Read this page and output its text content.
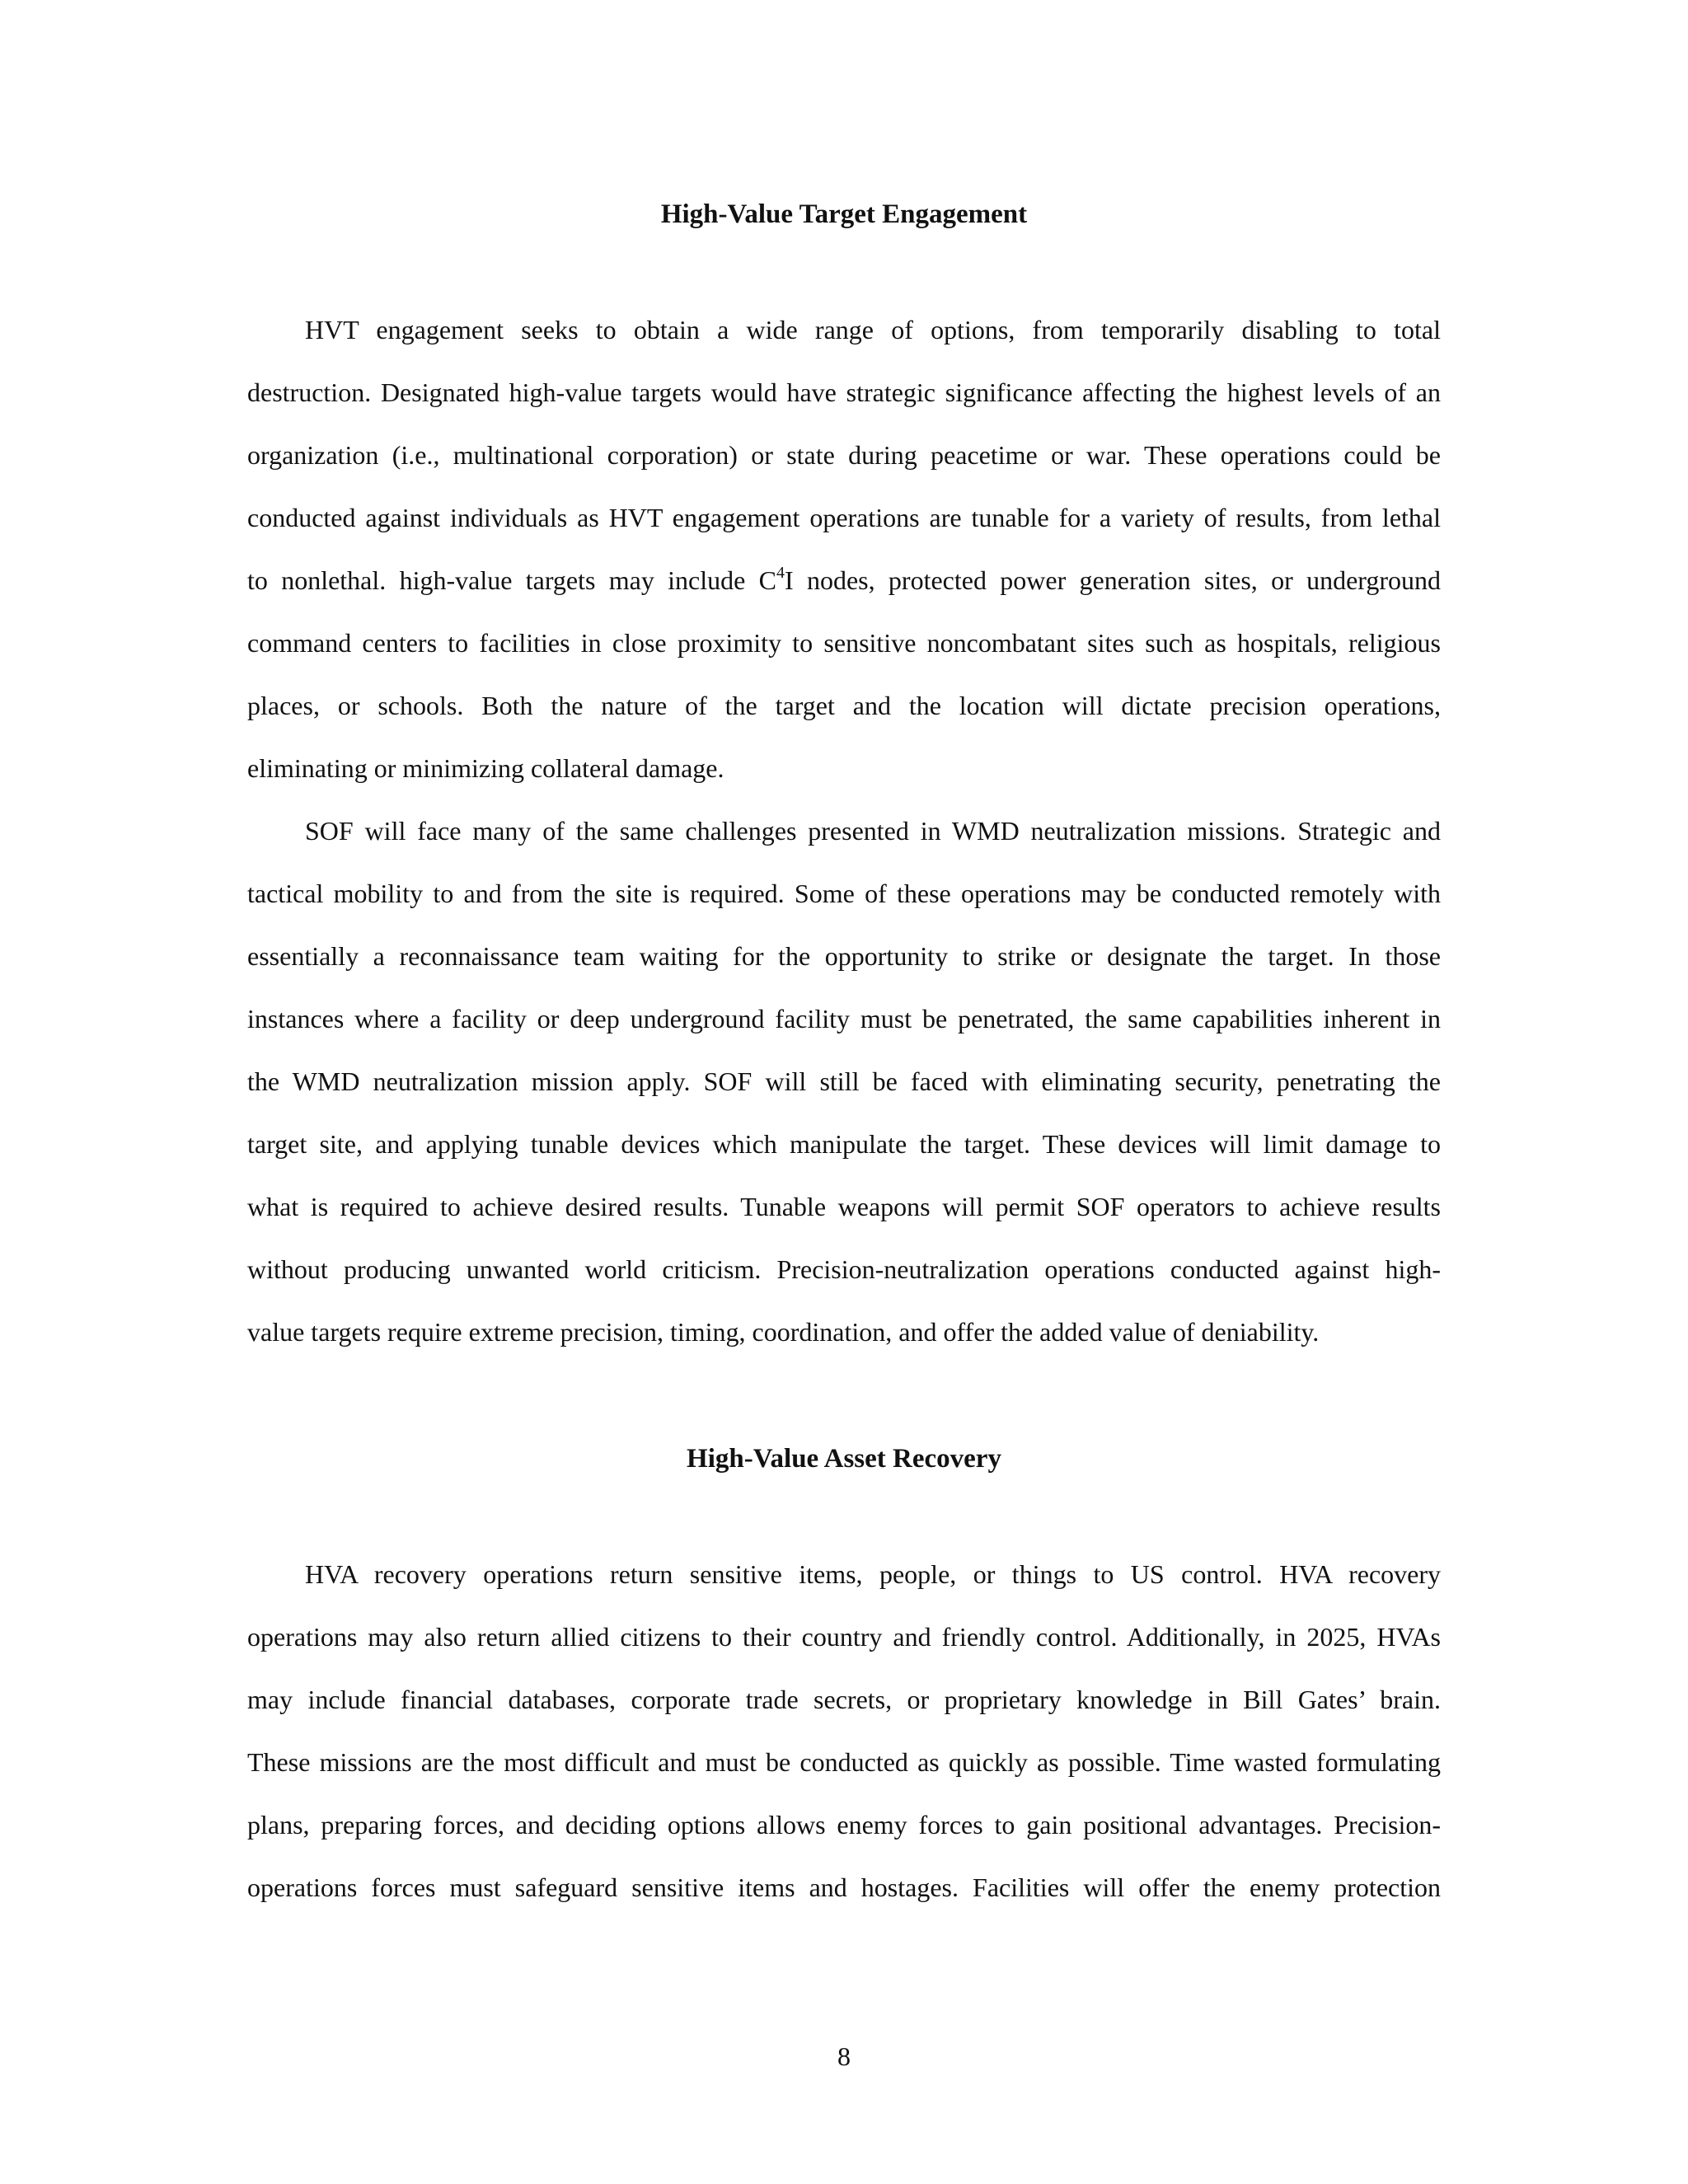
High-Value Target Engagement
HVT engagement seeks to obtain a wide range of options, from temporarily disabling to total
destruction. Designated high-value targets would have strategic significance affecting the highest levels of an
organization (i.e., multinational corporation) or state during peacetime or war. These operations could be
conducted against individuals as HVT engagement operations are tunable for a variety of results, from lethal
to nonlethal. high-value targets may include $C^4I$ nodes, protected power generation sites, or underground
command centers to facilities in close proximity to sensitive noncombatant sites such as hospitals, religious
places, or schools. Both the nature of the target and the location will dictate precision operations,
eliminating or minimizing collateral damage.
SOF will face many of the same challenges presented in WMD neutralization missions. Strategic and
tactical mobility to and from the site is required. Some of these operations may be conducted remotely with
essentially a reconnaissance team waiting for the opportunity to strike or designate the target. In those
instances where a facility or deep underground facility must be penetrated, the same capabilities inherent in
the WMD neutralization mission apply. SOF will still be faced with eliminating security, penetrating the
target site, and applying tunable devices which manipulate the target. These devices will limit damage to
what is required to achieve desired results. Tunable weapons will permit SOF operators to achieve results
without producing unwanted world criticism. Precision-neutralization operations conducted against high-
value targets require extreme precision, timing, coordination, and offer the added value of deniability.
High-Value Asset Recovery
HVA recovery operations return sensitive items, people, or things to US control. HVA recovery
operations may also return allied citizens to their country and friendly control. Additionally, in 2025, HVAs
may include financial databases, corporate trade secrets, or proprietary knowledge in Bill Gates’ brain.
These missions are the most difficult and must be conducted as quickly as possible. Time wasted formulating
plans, preparing forces, and deciding options allows enemy forces to gain positional advantages. Precision-
operations forces must safeguard sensitive items and hostages. Facilities will offer the enemy protection
8
